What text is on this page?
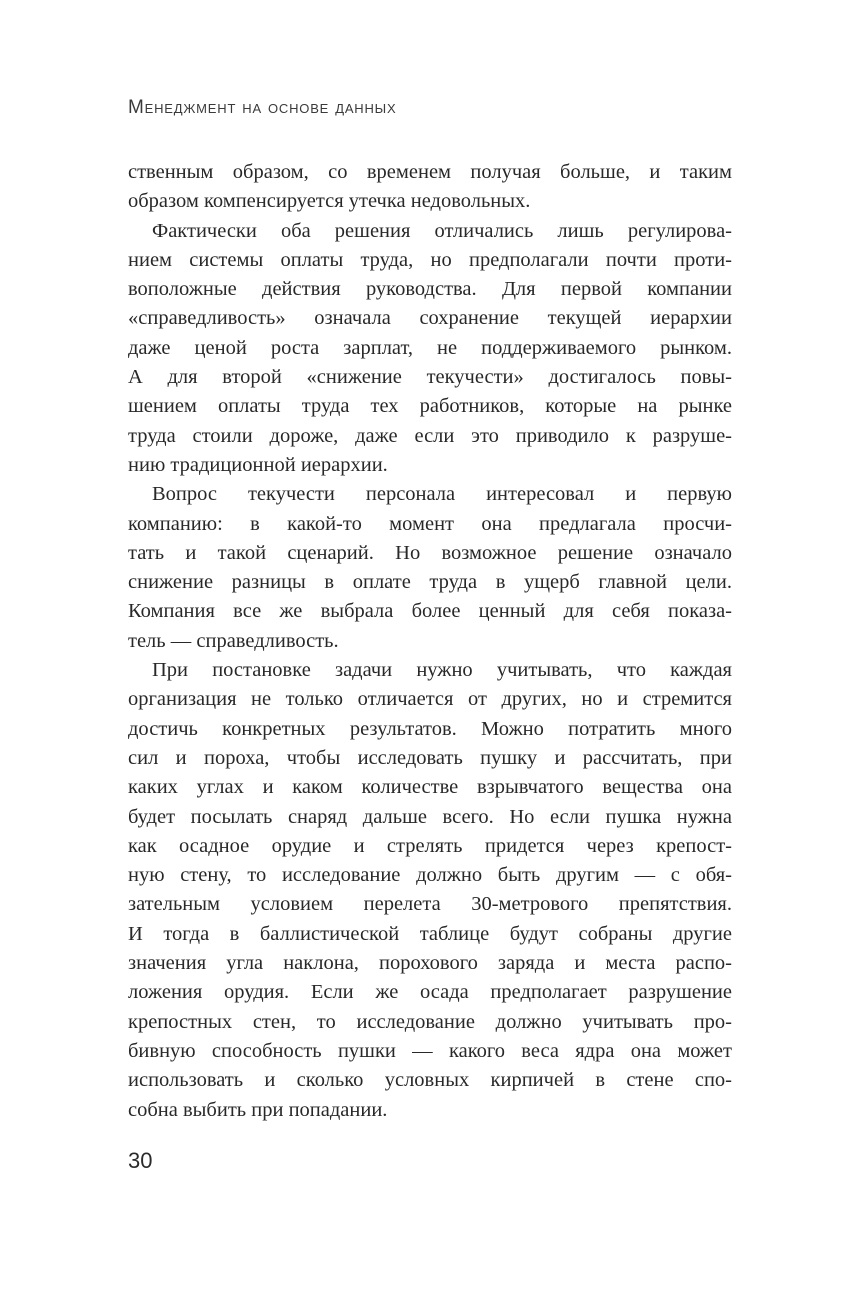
Менеджмент на основе данных
ственным образом, со временем получая больше, и таким
образом компенсируется утечка недовольных.
Фактически оба решения отличались лишь регулирова-
нием системы оплаты труда, но предполагали почти проти-
воположные действия руководства. Для первой компании
«справедливость» означала сохранение текущей иерархии
даже ценой роста зарплат, не поддерживаемого рынком.
А для второй «снижение текучести» достигалось повы-
шением оплаты труда тех работников, которые на рынке
труда стоили дороже, даже если это приводило к разруше-
нию традиционной иерархии.
Вопрос текучести персонала интересовал и первую
компанию: в какой-то момент она предлагала просчи-
тать и такой сценарий. Но возможное решение означало
снижение разницы в оплате труда в ущерб главной цели.
Компания все же выбрала более ценный для себя показа-
тель — справедливость.
При постановке задачи нужно учитывать, что каждая
организация не только отличается от других, но и стремится
достичь конкретных результатов. Можно потратить много
сил и пороха, чтобы исследовать пушку и рассчитать, при
каких углах и каком количестве взрывчатого вещества она
будет посылать снаряд дальше всего. Но если пушка нужна
как осадное орудие и стрелять придется через крепост-
ную стену, то исследование должно быть другим — с обя-
зательным условием перелета 30-метрового препятствия.
И тогда в баллистической таблице будут собраны другие
значения угла наклона, порохового заряда и места распо-
ложения орудия. Если же осада предполагает разрушение
крепостных стен, то исследование должно учитывать про-
бивную способность пушки — какого веса ядра она может
использовать и сколько условных кирпичей в стене спо-
собна выбить при попадании.
30
